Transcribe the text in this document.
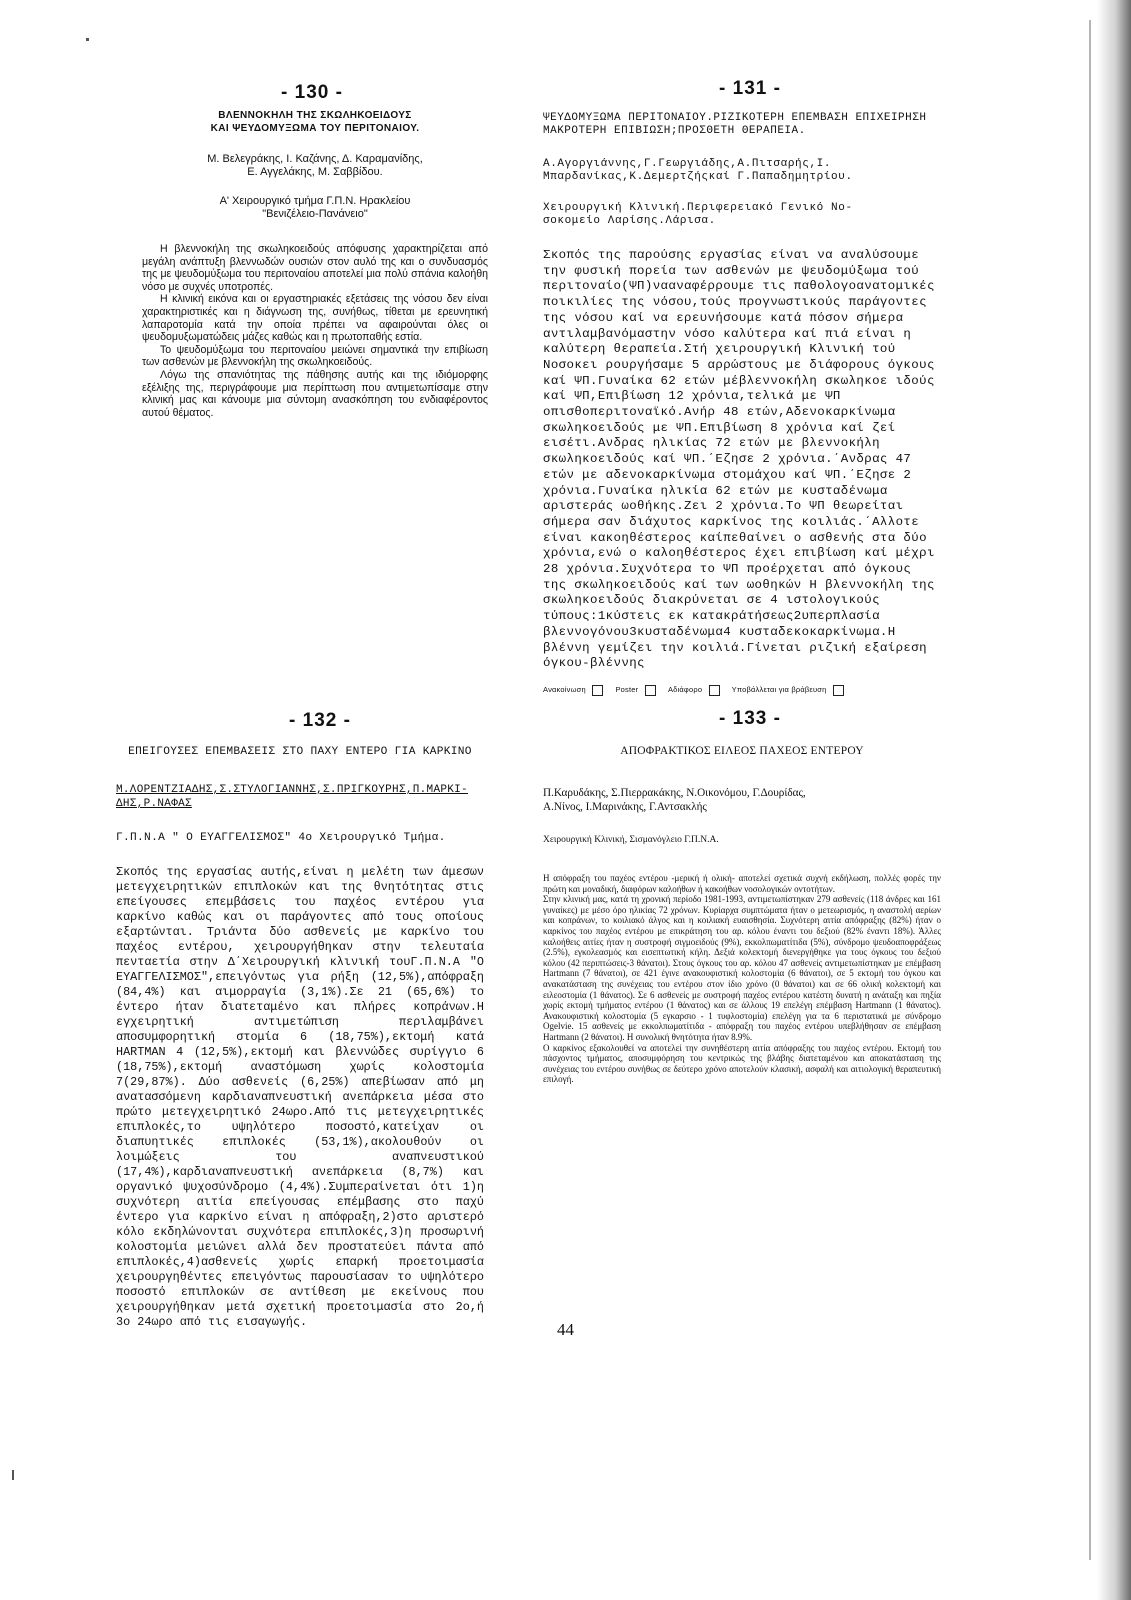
- 130 -	- 131 -
- 132 -	- 133 -
ΒΛΕΝΝΟΚΗΛΗ ΤΗΣ ΣΚΩΛΗΚΟΕΙΔΟΥΣ
ΚΑΙ ΨΕΥΔΟΜΥΞΩΜΑ ΤΟΥ ΠΕΡΙΤΟΝΑΙΟΥ.
Μ. Βελεγράκης, Ι. Καζάνης, Δ. Καραμανίδης,
Ε. Αγγελάκης, Μ. Σαββίδου.
Α' Χειρουργικό τμήμα Γ.Π.Ν. Ηρακλείου
"Βενιζέλειο-Πανάνειο"

Η βλεννοκήλη της σκωληκοειδούς απόφυσης χαρακτηρίζεται από μεγάλη ανάπτυξη βλεννωδών ουσιών στον αυλό της και ο συνδυασμός της με ψευδομύξωμα του περιτοναίου αποτελεί μια πολύ σπάνια καλοήθη νόσο με συχνές υποτροπές.

Η κλινική εικόνα και οι εργαστηριακές εξετάσεις της νόσου δεν είναι χαρακτηριστικές και η διάγνωση της, συνήθως, τίθεται με ερευνητική λαπαροτομία κατά την οποία πρέπει να αφαιρούνται όλες οι ψευδομυξωματώδεις μάζες καθώς και η πρωτοπαθής εστία.

Το ψευδομύξωμα του περιτοναίου μειώνει σημαντικά την επιβίωση των ασθενών με βλεννοκήλη της σκωληκοειδούς.

Λόγω της σπανιότητας της πάθησης αυτής και της ιδιόμορφης εξέλιξης της, περιγράφουμε μια περίπτωση που αντιμετωπίσαμε στην κλινική μας και κάνουμε μια σύντομη ανασκόπηση του ενδιαφέροντος αυτού θέματος.

ΨΕΥΔΟΜΥΞΩΜΑ ΠΕΡΙΤΟΝΑΙΟΥ.ΡΙΖΙΚΟΤΕΡΗ ΕΠΕΜΒΑΣΗ ΕΠΙΧΕΙΡΗΣΗ
ΜΑΚΡΟΤΕΡΗ ΕΠΙΒΙΩΣΗ;ΠΡΟΣΘΕΤΗ ΘΕΡΑΠΕΙΑ.
Α.Αγοργιάννης,Γ.Γεωργιάδης,Α.Πιτσαρής,Ι.
Μπαρδανίκας,Κ.Δεμερτζήςκαί Γ.Παπαδημητρίου.
Χειρουργική Κλινική.Περιφερειακό Γενικό Νο-
σοκομείο Λαρίσης.Λάρισα.

Σκοπός της παρούσης εργασίας είναι να αναλύσουμε την φυσική πορεία των ασθενών με ψευδομύξωμα τού περιτοναίο(ΨΠ)νααναφέρρουμε τις παθολογοανατομικές ποικιλίες της νόσου,τούς προγνωστικούς παράγοντες της νόσου καί να ερευνήσουμε κατά πόσον σήμερα αντιλαμβανόμαστην νόσο καλύτερα καί πιά είναι η καλύτερη θεραπεία.Στή χειρουργική Κλινική τού Νοσοκει ρουργήσαμε 5 αρρώστους με διάφορους όγκους καί ΨΠ.Γυναίκα 62 ετών μέβλεννοκήλη σκωληκοε ιδούς καί ΨΠ,Επιβίωση 12 χρόνια,τελικά με ΨΠ οπισθοπεριτοναϊκό.Ανήρ 48 ετών,Αδενοκαρκίνωμα σκωληκοειδούς με ΨΠ.Επιβίωση 8 χρόνια καί ζεί εισέτι.Ανδρας ηλικίας 72 ετών με βλεννοκήλη σκωληκοειδούς καί ΨΠ.΄Εζησε 2 χρόνια.΄Ανδρας 47 ετών με αδενοκαρκίνωμα στομάχου καί ΨΠ.΄Εζησε 2 χρόνια.Γυναίκα ηλικία 62 ετών με κυσταδένωμα αριστεράς ωοθήκης.Ζει 2 χρόνια.Το ΨΠ θεωρείται σήμερα σαν διάχυτος καρκίνος της κοιλιάς.΄Αλλοτε είναι κακοηθέστερος καίπεθαίνει ο ασθενής στα δύο χρόνια,ενώ ο καλοηθέστερος έχει επιβίωση καί μέχρι 28 χρόνια.Συχνότερα το ΨΠ προέρχεται από όγκους της σκωληκοειδούς καί των ωοθηκών Η βλεννοκήλη της σκωληκοειδούς διακρύνεται σε 4 ιστολογικούς τύπους:1κύστεις εκ κατακράτήσεως2υπερπλασία βλεννογόνου3κυσταδένωμα4 κυσταδεκοκαρκίνωμα.Η βλέννη γεμίζει την κοιλιά.Γίνεται ριζική εξαίρεση όγκου-βλέννης

Ανακοίνωση	Poster	Αδιάφορο	Υποβάλλεται για βράβευση
ΕΠΕΙΓΟΥΣΕΣ ΕΠΕΜΒΑΣΕΙΣ ΣΤΟ ΠΑΧΥ ΕΝΤΕΡΟ ΓΙΑ ΚΑΡΚΙΝΟ
Μ.ΛΟΡΕΝΤΖΙΑΔΗΣ,Σ.ΣΤΥΛΟΓΙΑΝΝΗΣ,Σ.ΠΡΙΓΚΟΥΡΗΣ,Π.ΜΑΡΚΙ-
ΔΗΣ,Ρ.ΝΑΦΑΣ
Γ.Π.Ν.Α " Ο ΕΥΑΓΓΕΛΙΣΜΟΣ" 4ο Χειρουργικό Τμήμα.

Σκοπός της εργασίας αυτής,είναι η μελέτη των άμεσων μετεγχειρητικών επιπλοκών και της θνητότητας στις επείγουσες επεμβάσεις του παχέος εντέρου για καρκίνο καθώς και οι παράγοντες από τους οποίους εξαρτώνται. Τριάντα δύο ασθενείς με καρκίνο του παχέος εντέρου, χειρουργήθηκαν στην τελευταία πενταετία στην Δ΄Χειρουργική κλινική τουΓ.Π.Ν.Α "Ο ΕΥΑΓΓΕΛΙΣΜΟΣ",επειγόντως για ρήξη (12,5%),απόφραξη (84,4%) και αιμορραγία (3,1%).Σε 21 (65,6%) το έντερο ήταν διατεταμένο και πλήρες κοπράνων.Η εγχειρητική αντιμετώπιση περιλαμβάνει αποσυμφορητική στομία 6 (18,75%),εκτομή κατά HARTMAN 4 (12,5%),εκτομή και βλεννώδες συρίγγιο 6 (18,75%),εκτομή αναστόμωση χωρίς κολοστομία 7(29,87%). Δύο ασθενείς (6,25%) απεβίωσαν από μη ανατασσόμενη καρδιαναπνευστική ανεπάρκεια μέσα στο πρώτο μετεγχειρητικό 24ωρο.Από τις μετεγχειρητικές επιπλοκές,το υψηλότερο ποσοστό,κατείχαν οι διαπυητικές επιπλοκές (53,1%),ακολουθούν οι λοιμώξεις του αναπνευστικού (17,4%),καρδιαναπνευστική ανεπάρκεια (8,7%) και οργανικό ψυχοσύνδρομο (4,4%).Συμπεραίνεται ότι 1)η συχνότερη αιτία επείγουσας επέμβασης στο παχύ έντερο για καρκίνο είναι η απόφραξη,2)στο αριστερό κόλο εκδηλώνονται συχνότερα επιπλοκές,3)η προσωρινή κολοστομία μειώνει αλλά δεν προστατεύει πάντα από επιπλοκές,4)ασθενείς χωρίς επαρκή προετοιμασία χειρουργηθέντες επειγόντως παρουσίασαν το υψηλότερο ποσοστό επιπλοκών σε αντίθεση με εκείνους που χειρουργήθηκαν μετά σχετική προετοιμασία στο 2ο,ή 3ο 24ωρο από τις εισαγωγής.

ΑΠΟΦΡΑΚΤΙΚΟΣ ΕΙΛΕΟΣ ΠΑΧΕΟΣ ΕΝΤΕΡΟΥ
Π.Καρυδάκης, Σ.Πιερρακάκης, Ν.Οικονόμου, Γ.Δουρίδας,
Α.Νίνος, Ι.Μαρινάκης, Γ.Αντσακλής
Χειρουργική Κλινική, Σισμανόγλειο Γ.Π.Ν.Α.

Η απόφραξη του παχέος εντέρου -μερική ή ολική- αποτελεί σχετικά συχνή εκδήλωση, πολλές φορές την πρώτη και μοναδική, διαφόρων καλοήθων ή κακοήθων νοσολογικών οντοτήτων.

Στην κλινική μας, κατά τη χρονική περίοδο 1981-1993, αντιμετωπίστηκαν 279 ασθενείς (118 άνδρες και 161 γυναίκες) με μέσο όρο ηλικίας 72 χρόνων. Κυρίαρχα συμπτώματα ήταν ο μετεωρισμός, η αναστολή αερίων και κοπράνων, το κοιλιακό άλγος και η κοιλιακή ευαισθησία. Συχνότερη αιτία απόφραξης (82%) ήταν ο καρκίνος του παχέος εντέρου με επικράτηση του αρ. κόλου έναντι του δεξιού (82% έναντι 18%). Άλλες καλοήθεις αιτίες ήταν η συστροφή σιγμοειδούς (9%), εκκολπωματίτιδα (5%), σύνδρομο ψευδοαποφράξεως (2.5%), εγκολεασμός και εισεπτωτική κήλη. Δεξιά κολεκτομή διενεργήθηκε για τους όγκους του δεξιού κόλου (42 περιπτώσεις-3 θάνατοι). Στους όγκους του αρ. κόλου 47 ασθενείς αντιμετωπίστηκαν με επέμβαση Hartmann (7 θάνατοι), σε 421 έγινε ανακουφιστική κολοστομία (6 θάνατοι), σε 5 εκτομή του όγκου και ανακατάσταση της συνέχειας του εντέρου στον ίδιο χρόνο (0 θάνατοι) και σε 66 ολική κολεκτομή και ειλεοστομία (1 θάνατος). Σε 6 ασθενείς με συστροφή παχέος εντέρου κατέστη δυνατή η ανάταξη και πηξία χωρίς εκτομή τμήματος εντέρου (1 θάνατος) και σε άλλους 19 επελέγη επέμβαση Hartmann (1 θάνατος). Ανακουφιστική κολοστομία (5 εγκαρσιο - 1 τυφλοστομία) επελέγη για τα 6 περιστατικά με σύνδρομο Ogelvie. 15 ασθενείς με εκκολπωματίτιδα - απόφραξη του παχέος εντέρου υπεβλήθησαν σε επέμβαση Hartmann (2 θάνατοι). Η συνολική θνητότητα ήταν 8.9%.

Ο καρκίνος εξακολουθεί να αποτελεί την συνηθέστερη αιτία απόφραξης του παχέος εντέρου. Εκτομή του πάσχοντος τμήματος, αποσυμφόρηση του κεντρικώς της βλάβης διατεταμένου και αποκατάσταση της συνέχειας του εντέρου συνήθως σε δεύτερο χρόνο αποτελούν κλασική, ασφαλή και αιτιολογική θεραπευτική επιλογή.

44
